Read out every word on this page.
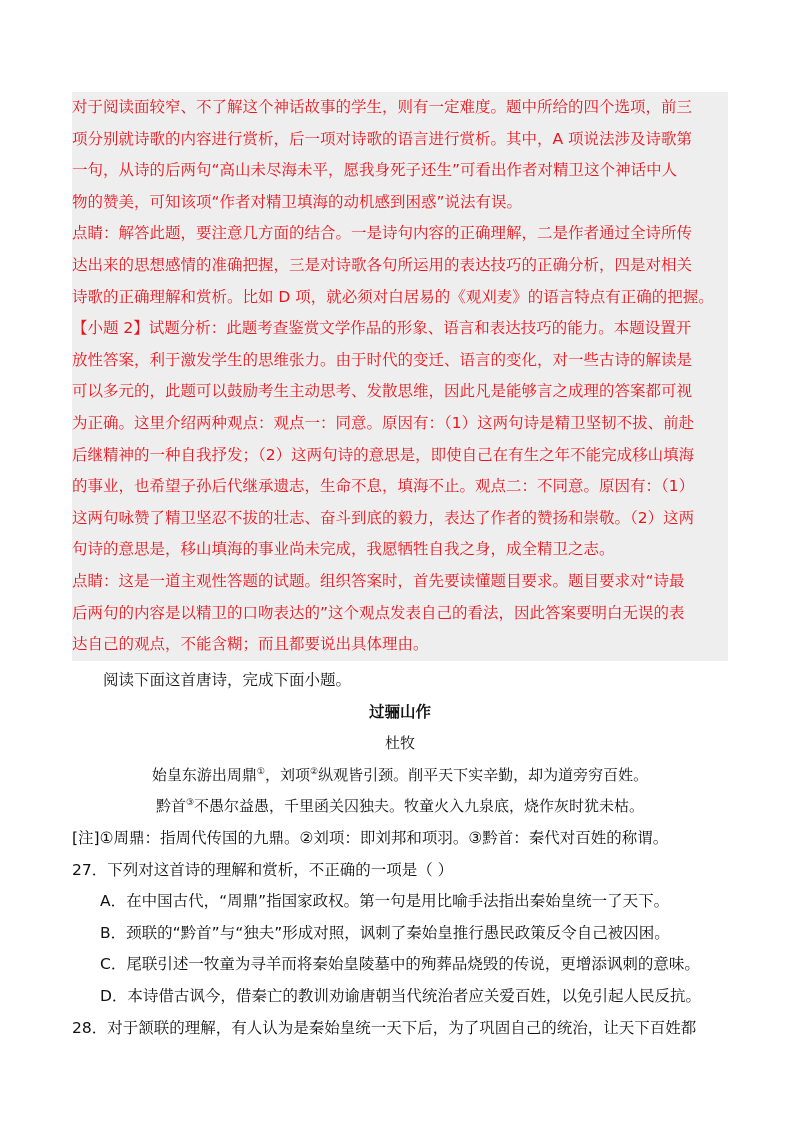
对于阅读面较窄、不了解这个神话故事的学生，则有一定难度。题中所给的四个选项，前三
项分别就诗歌的内容进行赏析，后一项对诗歌的语言进行赏析。其中，A 项说法涉及诗歌第
一句，从诗的后两句“高山未尽海未平，愿我身死子还生”可看出作者对精卫这个神话中人
物的赞美，可知该项“作者对精卫填海的动机感到困惑”说法有误。
点睛：解答此题，要注意几方面的结合。一是诗句内容的正确理解，二是作者通过全诗所传
达出来的思想感情的准确把握，三是对诗歌各句所运用的表达技巧的正确分析，四是对相关
诗歌的正确理解和赏析。比如 D 项，就必须对白居易的《观刈麦》的语言特点有正确的把握。
【小题 2】试题分析：此题考查鉴赏文学作品的形象、语言和表达技巧的能力。本题设置开
放性答案，利于激发学生的思维张力。由于时代的变迁、语言的变化，对一些古诗的解读是
可以多元的，此题可以鼓励考生主动思考、发散思维，因此凡是能够言之成理的答案都可视
为正确。这里介绍两种观点：观点一：同意。原因有：（1）这两句诗是精卫坚韧不拔、前赴
后继精神的一种自我抒发；（2）这两句诗的意思是，即使自己在有生之年不能完成移山填海
的事业，也希望子孙后代继承遗志，生命不息，填海不止。观点二：不同意。原因有：（1）
这两句咏赞了精卫坚忍不拔的壮志、奋斗到底的毅力，表达了作者的赞扬和崇敬。（2）这两
句诗的意思是，移山填海的事业尚未完成，我愿牺牲自我之身，成全精卫之志。
点睛：这是一道主观性答题的试题。组织答案时，首先要读懂题目要求。题目要求对“诗最
后两句的内容是以精卫的口吻表达的”这个观点发表自己的看法，因此答案要明白无误的表
达自己的观点，不能含糊；而且都要说出具体理由。
阅读下面这首唐诗，完成下面小题。
过骊山作
杜牧
始皇东游出周鼎①，刘项②纵观皆引颈。削平天下实辛勤，却为道旁穷百姓。
黔首③不愚尔益愚，千里函关囚独夫。牧童火入九泉底，烧作灰时犹未枯。
[注]①周鼎：指周代传国的九鼎。②刘项：即刘邦和项羽。③黔首：秦代对百姓的称谓。
27．下列对这首诗的理解和赏析，不正确的一项是（ ）
A．在中国古代，“周鼎”指国家政权。第一句是用比喻手法指出秦始皇统一了天下。
B．颈联的“黔首”与“独夫”形成对照，讽刺了秦始皇推行愚民政策反令自己被囚困。
C．尾联引述一牧童为寻羊而将秦始皇陵墓中的殉葬品烧毁的传说，更增添讽刺的意味。
D．本诗借古讽今，借秦亡的教训劝谕唐朝当代统治者应关爱百姓，以免引起人民反抗。
28．对于颔联的理解，有人认为是秦始皇统一天下后，为了巩固自己的统治，让天下百姓都
